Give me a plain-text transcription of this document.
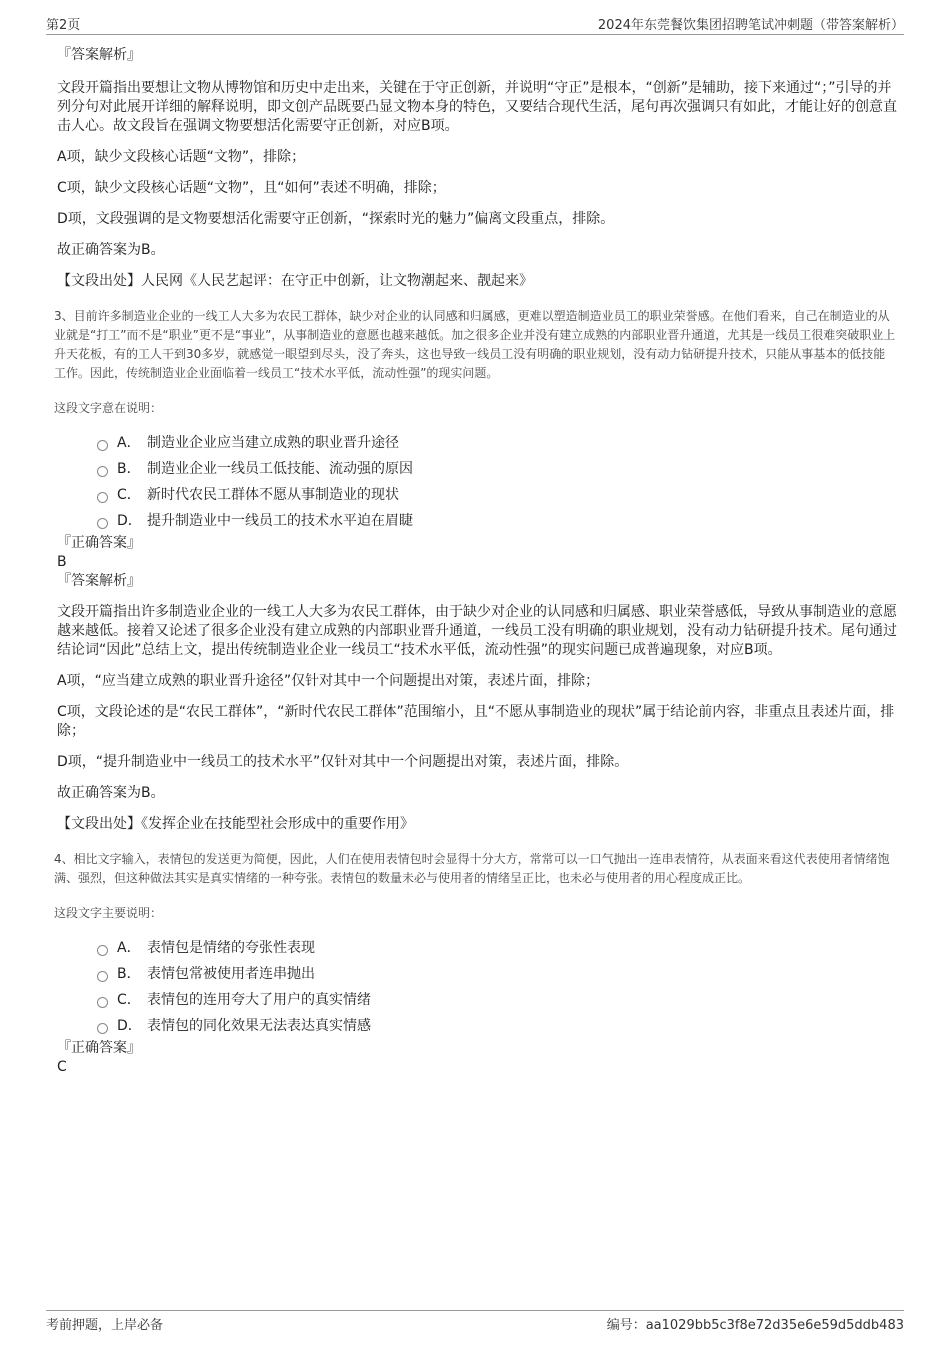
第2页	2024年东莞餐饮集团招聘笔试冲刺题（带答案解析）
『答案解析』

文段开篇指出要想让文物从博物馆和历史中走出来，关键在于守正创新，并说明“守正”是根本，“创新”是辅助，接下来通过“；”引导的并列分句对此展开详细的解释说明，即文创产品既要凸显文物本身的特色，又要结合现代生活，尾句再次强调只有如此，才能让好的创意直击人心。故文段旨在强调文物要想活化需要守正创新，对应B项。

A项，缺少文段核心话题“文物”，排除；

C项，缺少文段核心话题“文物”，且“如何”表述不明确，排除；

D项，文段强调的是文物要想活化需要守正创新，“探索时光的魅力”偏离文段重点，排除。

故正确答案为B。

【文段出处】人民网《人民艺起评：在守正中创新，让文物潮起来、靓起来》

3、目前许多制造业企业的一线工人大多为农民工群体，缺少对企业的认同感和归属感，更难以塑造制造业员工的职业荣誉感。在他们看来，自己在制造业的从业就是“打工”而不是“职业”更不是“事业”，从事制造业的意愿也越来越低。加之很多企业并没有建立成熟的内部职业晋升通道，尤其是一线员工很难突破职业上升天花板，有的工人干到30多岁，就感觉一眼望到尽头，没了奔头，这也导致一线员工没有明确的职业规划，没有动力钻研提升技术，只能从事基本的低技能工作。因此，传统制造业企业面临着一线员工“技术水平低，流动性强”的现实问题。

这段文字意在说明：
A． 制造业企业应当建立成熟的职业晋升途径
B． 制造业企业一线员工低技能、流动强的原因
C． 新时代农民工群体不愿从事制造业的现状
D． 提升制造业中一线员工的技术水平迫在眉睫
『正确答案』
B
『答案解析』

文段开篇指出许多制造业企业的一线工人大多为农民工群体，由于缺少对企业的认同感和归属感、职业荣誉感低，导致从事制造业的意愿越来越低。接着又论述了很多企业没有建立成熟的内部职业晋升通道，一线员工没有明确的职业规划，没有动力钻研提升技术。尾句通过结论词“因此”总结上文，提出传统制造业企业一线员工“技术水平低，流动性强”的现实问题已成普遍现象，对应B项。

A项，“应当建立成熟的职业晋升途径”仅针对其中一个问题提出对策，表述片面，排除；

C项，文段论述的是“农民工群体”，“新时代农民工群体”范围缩小，且“不愿从事制造业的现状”属于结论前内容，非重点且表述片面，排除；

D项，“提升制造业中一线员工的技术水平”仅针对其中一个问题提出对策，表述片面，排除。

故正确答案为B。

【文段出处】《发挥企业在技能型社会形成中的重要作用》

4、相比文字输入，表情包的发送更为简便，因此，人们在使用表情包时会显得十分大方，常常可以一口气抛出一连串表情符，从表面来看这代表使用者情绪饱满、强烈，但这种做法其实是真实情绪的一种夸张。表情包的数量未必与使用者的情绪呈正比，也未必与使用者的用心程度成正比。

这段文字主要说明：
A． 表情包是情绪的夸张性表现
B． 表情包常被使用者连串抛出
C． 表情包的连用夸大了用户的真实情绪
D． 表情包的同化效果无法表达真实情感
『正确答案』
C
考前押题，上岸必备	编号：aa1029bb5c3f8e72d35e6e59d5ddb483
